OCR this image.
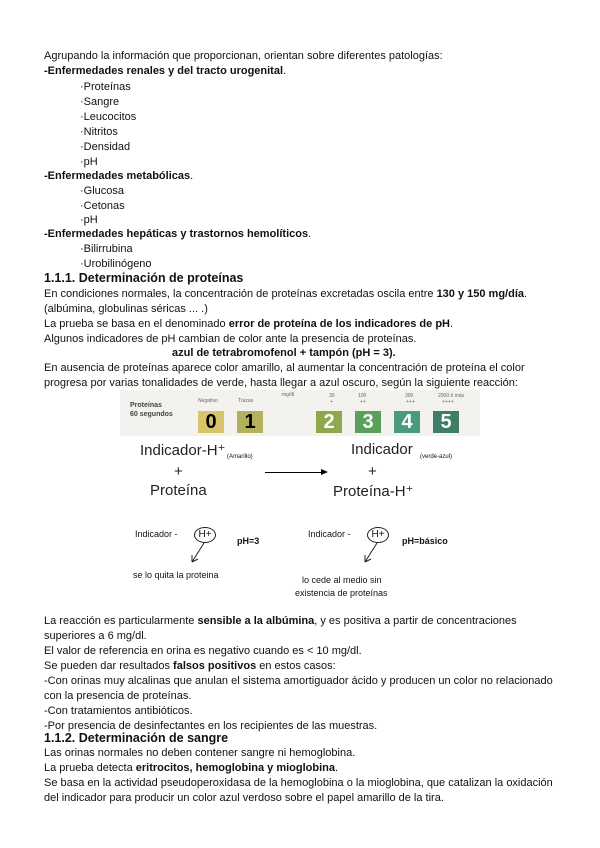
Agrupando la información que proporcionan, orientan sobre diferentes patologías:
-Enfermedades renales y del tracto urogenital.
·Proteínas
·Sangre
·Leucocitos
·Nitritos
·Densidad
·pH
-Enfermedades metabólicas.
·Glucosa
·Cetonas
·pH
-Enfermedades hepáticas y trastornos hemolíticos.
·Bilirrubina
·Urobilinógeno
1.1.1. Determinación de proteínas
En condiciones normales, la concentración de proteínas excretadas oscila entre 130 y 150 mg/día.
(albúmina, globulinas séricas ... .)
La prueba se basa en el denominado error de proteína de los indicadores de pH.
Algunos indicadores de pH cambian de color ante la presencia de proteínas.
azul de tetrabromofenol + tampón (pH = 3).
En ausencia de proteínas aparece color amarillo, al aumentar la concentración de proteína el color
progresa por varias tonalidades de verde, hasta llegar a azul oscuro, según la siguiente reacción:
Proteínas
60 segundos
mg/dl
Negativo	Trazas
30	100	300	2000 ó más
+	++	+++	++++
0	1	2	3	4	5
Indicador-H⁺ (Amarillo)
+
Proteína
Indicador (verde-azul)
+
Proteína-H⁺
Indicador -	H+
pH=3
se lo quita la proteina
Indicador -	H+
pH=básico
lo cede al medio sin
existencia de proteínas
La reacción es particularmente sensible a la albúmina, y es positiva a partir de concentraciones
superiores a 6 mg/dl.
El valor de referencia en orina es negativo cuando es < 10 mg/dl.
Se pueden dar resultados falsos positivos en estos casos:
-Con orinas muy alcalinas que anulan el sistema amortiguador ácido y producen un color no relacionado
con la presencia de proteínas.
-Con tratamientos antibióticos.
-Por presencia de desinfectantes en los recipientes de las muestras.
1.1.2. Determinación de sangre
Las orinas normales no deben contener sangre ni hemoglobina.
La prueba detecta eritrocitos, hemoglobina y mioglobina.
Se basa en la actividad pseudoperoxidasa de la hemoglobina o la mioglobina, que catalizan la oxidación
del indicador para producir un color azul verdoso sobre el papel amarillo de la tira.
